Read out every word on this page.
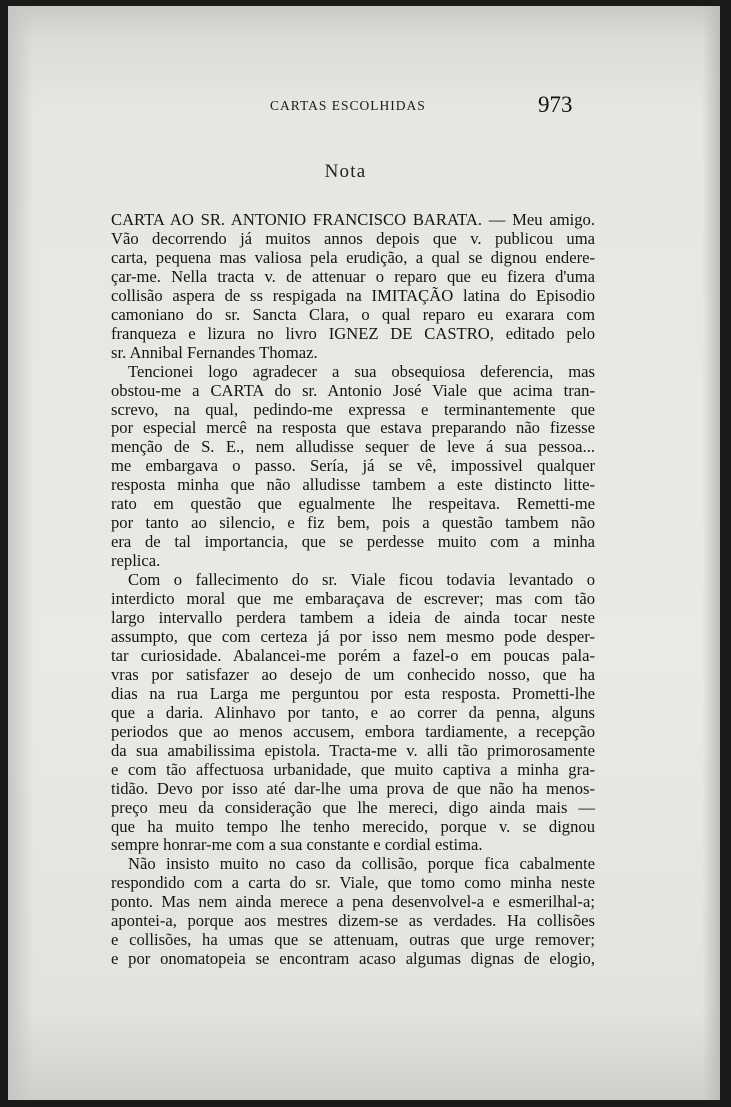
CARTAS ESCOLHIDAS	973
Nota
CARTA AO SR. ANTONIO FRANCISCO BARATA. — Meu amigo.
Vão decorrendo já muitos annos depois que v. publicou uma
carta, pequena mas valiosa pela erudição, a qual se dignou endere-
çar-me. Nella tracta v. de attenuar o reparo que eu fizera d'uma
collisão aspera de ss respigada na IMITAÇÃO latina do Episodio
camoniano do sr. Sancta Clara, o qual reparo eu exarara com
franqueza e lizura no livro IGNEZ DE CASTRO, editado pelo
sr. Annibal Fernandes Thomaz.
Tencionei logo agradecer a sua obsequiosa deferencia, mas
obstou-me a CARTA do sr. Antonio José Viale que acima tran-
screvo, na qual, pedindo-me expressa e terminantemente que
por especial mercê na resposta que estava preparando não fizesse
menção de S. E., nem alludisse sequer de leve á sua pessoa...
me embargava o passo. Sería, já se vê, impossivel qualquer
resposta minha que não alludisse tambem a este distincto litte-
rato em questão que egualmente lhe respeitava. Remetti-me
por tanto ao silencio, e fiz bem, pois a questão tambem não
era de tal importancia, que se perdesse muito com a minha
replica.
Com o fallecimento do sr. Viale ficou todavia levantado o
interdicto moral que me embaraçava de escrever; mas com tão
largo intervallo perdera tambem a ideia de ainda tocar neste
assumpto, que com certeza já por isso nem mesmo pode desper-
tar curiosidade. Abalancei-me porém a fazel-o em poucas pala-
vras por satisfazer ao desejo de um conhecido nosso, que ha
dias na rua Larga me perguntou por esta resposta. Prometti-lhe
que a daria. Alinhavo por tanto, e ao correr da penna, alguns
periodos que ao menos accusem, embora tardiamente, a recepção
da sua amabilissima epistola. Tracta-me v. alli tão primorosamente
e com tão affectuosa urbanidade, que muito captiva a minha gra-
tidão. Devo por isso até dar-lhe uma prova de que não ha menos-
preço meu da consideração que lhe mereci, digo ainda mais —
que ha muito tempo lhe tenho merecido, porque v. se dignou
sempre honrar-me com a sua constante e cordial estima.
Não insisto muito no caso da collisão, porque fica cabalmente
respondido com a carta do sr. Viale, que tomo como minha neste
ponto. Mas nem ainda merece a pena desenvolvel-a e esmerilhal-a;
apontei-a, porque aos mestres dizem-se as verdades. Ha collisões
e collisões, ha umas que se attenuam, outras que urge remover;
e por onomatopeia se encontram acaso algumas dignas de elogio,
